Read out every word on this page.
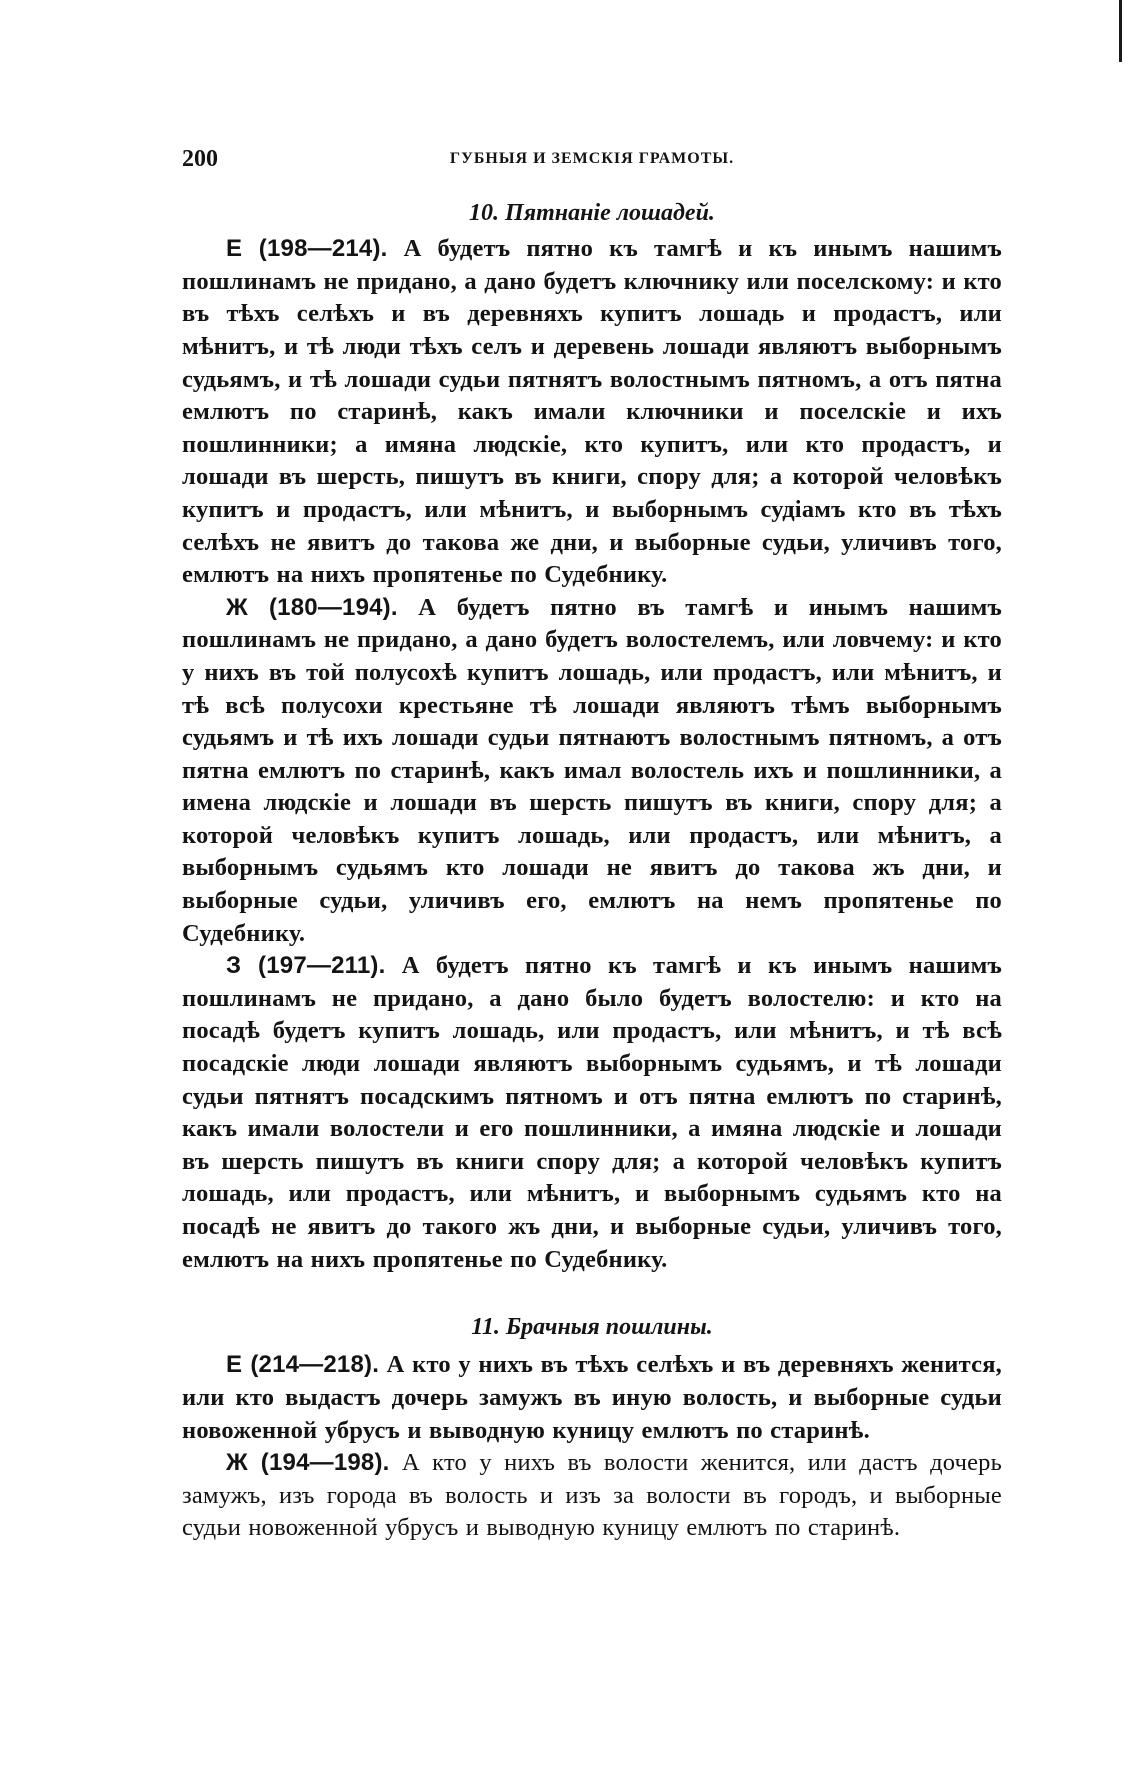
200	ГУБНЫЯ И ЗЕМСКІЯ ГРАМОТЫ.
10. Пятнаніе лошадей.

Е (198—214). А будетъ пятно къ тамгѣ и къ инымъ нашимъ пошлинамъ не придано, а дано будетъ ключнику или поселскому: и кто въ тѣхъ селѣхъ и въ деревняхъ купитъ лошадь и продастъ, или мѣнитъ, и тѣ люди тѣхъ селъ и деревень лошади являютъ выборнымъ судьямъ, и тѣ лошади судьи пятнятъ волостнымъ пятномъ, а отъ пятна емлютъ по старинѣ, какъ имали ключники и поселскіе и ихъ пошлинники; а имяна людскіе, кто купитъ, или кто продастъ, и лошади въ шерсть, пишутъ въ книги, спору для; а которой человѣкъ купитъ и продастъ, или мѣнитъ, и выборнымъ судіамъ кто въ тѣхъ селѣхъ не явитъ до такова же дни, и выборные судьи, уличивъ того, емлютъ на нихъ пропятенье по Судебнику.

Ж (180—194). А будетъ пятно въ тамгѣ и инымъ нашимъ пошлинамъ не придано, а дано будетъ волостелемъ, или ловчему: и кто у нихъ въ той полусохѣ купитъ лошадь, или продастъ, или мѣнитъ, и тѣ всѣ полусохи крестьяне тѣ лошади являютъ тѣмъ выборнымъ судьямъ и тѣ ихъ лошади судьи пятнаютъ волостнымъ пятномъ, а отъ пятна емлютъ по старинѣ, какъ имал волостель ихъ и пошлинники, а имена людскіе и лошади въ шерсть пишутъ въ книги, спору для; а которой человѣкъ купитъ лошадь, или продастъ, или мѣнитъ, а выборнымъ судьямъ кто лошади не явитъ до такова жъ дни, и выборные судьи, уличивъ его, емлютъ на немъ пропятенье по Судебнику.

З (197—211). А будетъ пятно къ тамгѣ и къ инымъ нашимъ пошлинамъ не придано, а дано было будетъ волостелю: и кто на посадѣ будетъ купитъ лошадь, или продастъ, или мѣнитъ, и тѣ всѣ посадскіе люди лошади являютъ выборнымъ судьямъ, и тѣ лошади судьи пятнятъ посадскимъ пятномъ и отъ пятна емлютъ по старинѣ, какъ имали волостели и его пошлинники, а имяна людскіе и лошади въ шерсть пишутъ въ книги спору для; а которой человѣкъ купитъ лошадь, или продастъ, или мѣнитъ, и выборнымъ судьямъ кто на посадѣ не явитъ до такого жъ дни, и выборные судьи, уличивъ того, емлютъ на нихъ пропятенье по Судебнику.

11. Брачныя пошлины.

Е (214—218). А кто у нихъ въ тѣхъ селѣхъ и въ деревняхъ женится, или кто выдастъ дочерь замужъ въ иную волость, и выборные судьи новоженной убрусъ и выводную куницу емлютъ по старинѣ.

Ж (194—198). А кто у нихъ въ волости женится, или дастъ дочерь замужъ, изъ города въ волость и изъ за волости въ городъ, и выборные судьи новоженной убрусъ и выводную куницу емлютъ по старинѣ.
